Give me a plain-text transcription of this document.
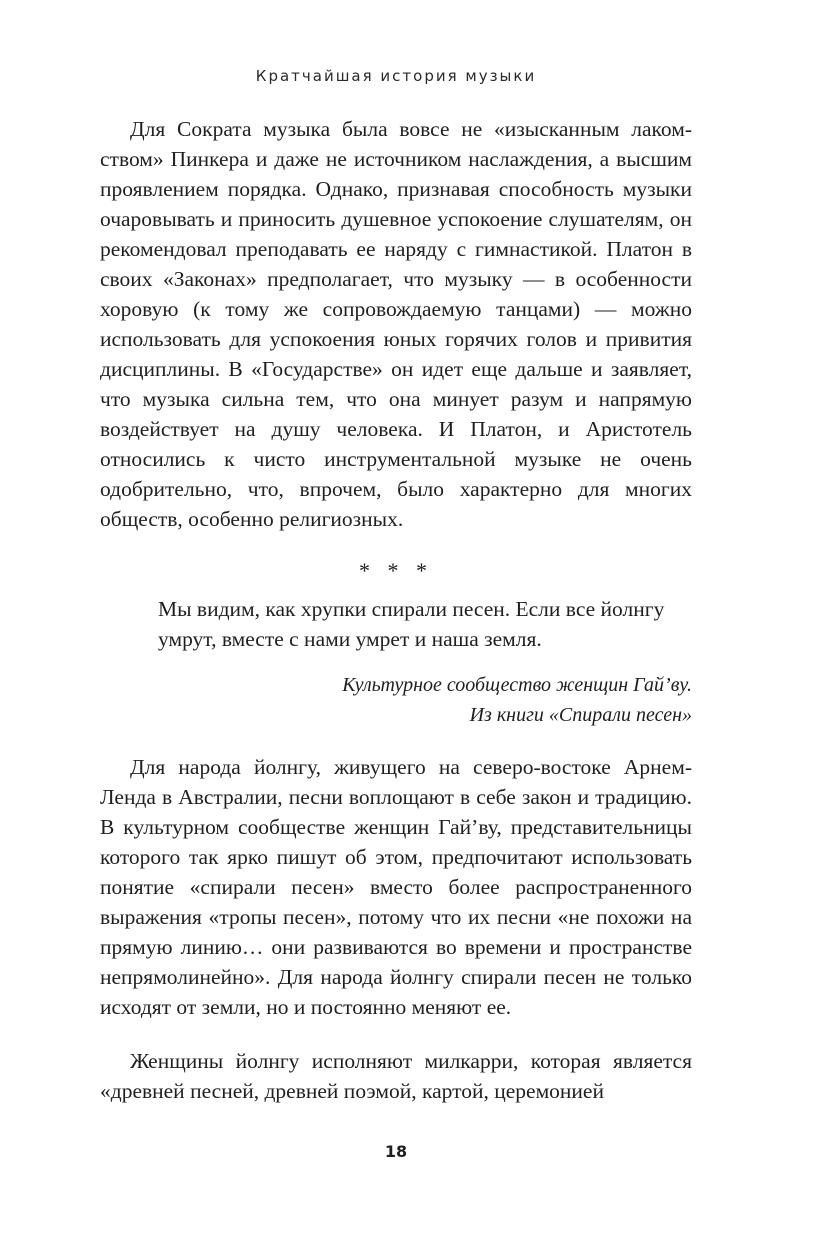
Кратчайшая история музыки

Для Сократа музыка была вовсе не «изысканным лакомством» Пинкера и даже не источником наслаждения, а высшим проявлением порядка. Однако, признавая способность музыки очаровывать и приносить душевное успокоение слушателям, он рекомендовал преподавать ее наряду с гимнастикой. Платон в своих «Законах» предполагает, что музыку — в особенности хоровую (к тому же сопровождаемую танцами) — можно использовать для успокоения юных горячих голов и привития дисциплины. В «Государстве» он идет еще дальше и заявляет, что музыка сильна тем, что она минует разум и напрямую воздействует на душу человека. И Платон, и Аристотель относились к чисто инструментальной музыке не очень одобрительно, что, впрочем, было характерно для многих обществ, особенно религиозных.

* * *

Мы видим, как хрупки спирали песен. Если все йолнгу умрут, вместе с нами умрет и наша земля.

Культурное сообщество женщин Гай’ву.
Из книги «Спирали песен»

Для народа йолнгу, живущего на северо-востоке АрнемЛенда в Австралии, песни воплощают в себе закон и традицию. В культурном сообществе женщин Гай’ву, представительницы которого так ярко пишут об этом, предпочитают использовать понятие «спирали песен» вместо более распространенного выражения «тропы песен», потому что их песни «не похожи на прямую линию… они развиваются во времени и пространстве непрямолинейно». Для народа йолнгу спирали песен не только исходят от земли, но и постоянно меняют ее.

Женщины йолнгу исполняют милкарри, которая является «древней песней, древней поэмой, картой, церемонией

18
